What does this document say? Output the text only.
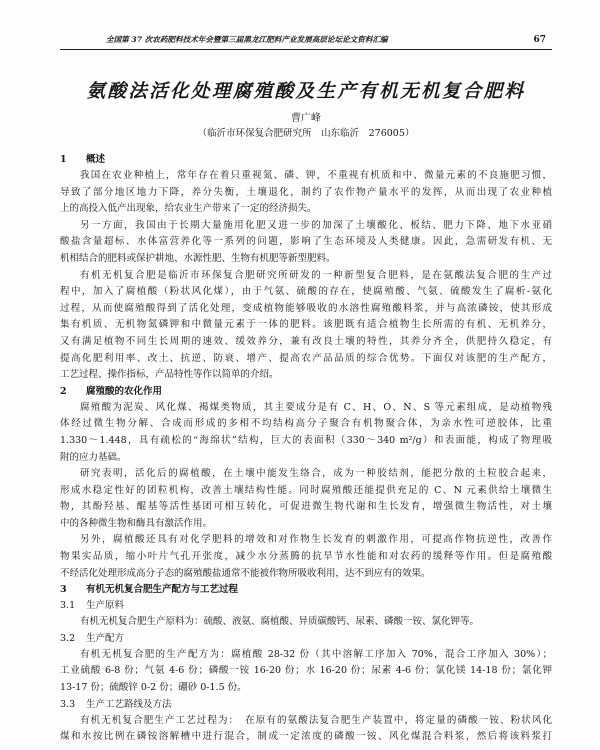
全国第 37 次农药肥料技术年会暨第三届黑龙江肥料产业发展高层论坛论文资料汇编	67
氨酸法活化处理腐殖酸及生产有机无机复合肥料
曹广峰
（临沂市环保复合肥研究所　山东临沂　276005）
1 概述
我国在农业种植上，常年存在着只重视氮、磷、钾，不重视有机质和中、微量元素的不良施肥习惯，
导致了部分地区地力下降，养分失衡，土壤退化，制约了农作物产量水平的发挥，从而出现了农业种植
上的高投入低产出现象，给农业生产带来了一定的经济损失。
另一方面，我国由于长期大量施用化肥又进一步的加深了土壤酸化、板结、肥力下降、地下水亚硝
酸盐含量超标、水体富营养化等一系列的问题，影响了生态环境及人类健康。因此，急需研发有机、无
机相结合的肥料或保护耕地、水源性肥、生物有机肥等新型肥料。
有机无机复合肥是临沂市环保复合肥研究所研发的一种新型复合肥料，是在氨酸法复合肥的生产过
程中，加入了腐植酸（粉状风化煤），由于气氨、硫酸的存在，使腐殖酸、气氨、硫酸发生了腐析-氨化
过程，从而使腐殖酸得到了活化处理，变成植物能够吸收的水溶性腐殖酸料浆，并与高浓磷铵，使其形成
集有机质、无机物氮磷钾和中微量元素于一体的肥料。该肥既有适合植物生长所需的有机、无机养分，
又有满足植物不同生长周期的速效、缓效养分，兼有改良土壤的特性，其养分齐全，供肥持久稳定，有
提高化肥利用率、改土、抗逆、防衰、增产、提高农产品品质的综合优势。下面仅对该肥的生产配方，
工艺过程、操作指标，产品特性等作以简单的介绍。
2 腐殖酸的农化作用
腐殖酸为泥炭、风化煤、褐煤类物质，其主要成分是有 C、H、O、N、S 等元素组成，是动植物残
体经过微生物分解、合成而形成的多相不均结构高分子聚合有机物聚合体，为亲水性可逆胶体，比重
1.330～1.448，具有疏松的“海绵状”结构，巨大的表面积（330～340 m²/g）和表面能，构成了物理吸
附的应力基础。
研究表明，活化后的腐植酸，在土壤中能发生络合，成为一种胶结剂，能把分散的土粒胶合起来，
形成水稳定性好的团粒机构，改善土壤结构性能。同时腐殖酸还能提供充足的 C、N 元素供给土壤微生
物，其酚羟基、醌基等活性基团可相互转化，可促进微生物代谢和生长发育，增强微生物活性，对土壤
中的各种微生物和酶具有激活作用。
另外，腐植酸还具有对化学肥料的增效和对作物生长发育的刺激作用，可提高作物抗逆性，改善作
物果实品质，缩小叶片气孔开张度，减少水分蒸腾的抗旱节水性能和对农药的缓释等作用。但是腐殖酸
不经活化处理形成高分子态的腐殖酸盐通常不能被作物所吸收利用，达不到应有的效果。
3 有机无机复合肥生产配方与工艺过程
3.1 生产原料
有机无机复合肥生产原料为：硫酸、液氨、腐植酸、异质碳酸钙、尿素、磷酸一铵、氯化钾等。
3.2 生产配方
有机无机复合肥的生产配方为：腐植酸 28-32 份（其中溶解工序加入 70%，混合工序加入 30%）；
工业硫酸 6-8 份；气氨 4-6 份；磷酸一铵 16-20 份；水 16-20 份；尿素 4-6 份；氯化镁 14-18 份；氯化钾
13-17 份；硫酸锌 0-2 份；硼砂 0-1.5 份。
3.3 生产工艺路线及方法
有机无机复合肥生产工艺过程为：　在原有的氨酸法复合肥生产装置中，将定量的磷酸一铵、粉状风化
煤和水按比例在磷铵溶解槽中进行混合，制成一定浓度的磷酸一铵、风化煤混合料浆，然后将该料浆打
